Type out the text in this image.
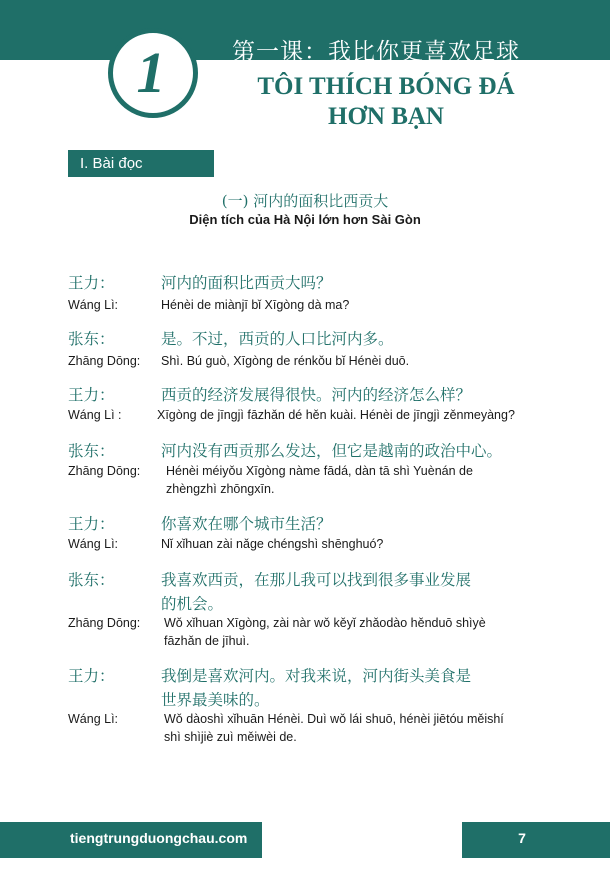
第一课：我比你更喜欢足球
1	TÔI THÍCH BÓNG ĐÁ
HƠN BẠN
I. Bài đọc
(一) 河内的面积比西贡大
Diện tích của Hà Nội lớn hơn Sài Gòn
王力：	河内的面积比西贡大吗？
Wáng Lì:	Hénèi de miànjī bǐ Xīgòng dà ma?
张东：	是。不过，西贡的人口比河内多。
Zhāng Dōng: Shì. Bú guò, Xīgòng de rénkǒu bǐ Hénèi duō.
王力：	西贡的经济发展得很快。河内的经济怎么样？
Wáng Lì :	Xīgòng de jīngjì fāzhǎn dé hěn kuài. Hénèi de jīngjì zěnmeyàng?
张东：	河内没有西贡那么发达，但它是越南的政治中心。
Zhāng Dōng: Hénèi méiyǒu Xīgòng nàme fādá, dàn tā shì Yuènán de
zhèngzhì zhōngxīn.
王力：	你喜欢在哪个城市生活？
Wáng Lì:	Nǐ xǐhuan zài nǎge chéngshì shēnghuó?
张东：	我喜欢西贡，在那儿我可以找到很多事业发展
的机会。
Zhāng Dōng: Wǒ xǐhuan Xīgòng, zài nàr wǒ kěyǐ zhǎodào hěnduō shìyè
fāzhǎn de jīhuì.
王力：	我倒是喜欢河内。对我来说，河内街头美食是
世界最美味的。
Wáng Lì:	Wǒ dàoshì xǐhuān Hénèi. Duì wǒ lái shuō, hénèi jiētóu měishí
shì shìjiè zuì měiwèi de.
tiengtrungduongchau.com	7
